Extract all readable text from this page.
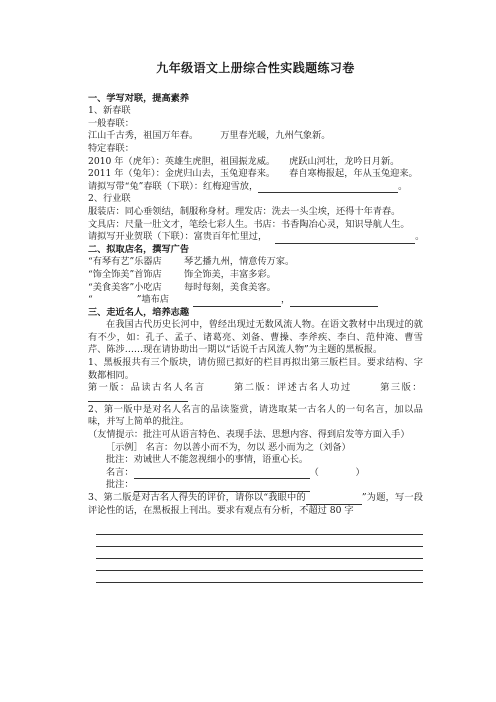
九年级语文上册综合性实践题练习卷
一、学写对联，提高素养
1、新春联
一般春联：
江山千古秀，祖国万年春。 万里春光暖，九州气象新。
特定春联：
2010 年（虎年）：英雄生虎胆，祖国振龙威。 虎跃山河壮，龙吟日月新。
2011 年（兔年）：金虎归山去，玉兔迎春来。 春自寒梅报起，年从玉兔迎来。
请拟写带“兔”春联（下联）：红梅迎雪放，	。
2、行业联
服装店：同心垂领结，制服称身材。理发店：洗去一头尘埃，还得十年青春。
文具店：尺量一肚文才，笔绘七彩人生。书店：书香陶冶心灵，知识导航人生。
请拟写开业贺联（下联）：富贵百年忙里过，	。
二、拟取店名，撰写广告
“有琴有艺”乐器店	琴艺播九州，情意传万家。
“饰全饰美”首饰店	饰全饰美，丰富多彩。
“美食美客”小吃店	每时每刻，美食美客。
“	”墙布店	，
三、走近名人，培养志趣
在我国古代历史长河中，曾经出现过无数风流人物。在语文教材中出现过的就有不少，如：孔子、孟子、诸葛亮、刘备、曹操、李斧疾、李白、范仲淹、曹雪芹、陈涉……现在请协助出一期以“话说千古风流人物”为主题的黑板报。
1、黑板报共有三个版块，请仿照已拟好的栏目再拟出第三版栏目。要求结构、字数都相同。
第一版：品读古名人名言	第二版：评述古名人功过	第三版：
2、第一版中是对名人名言的品读鉴赏，请选取某一古名人的一句名言，加以品味，并写上简单的批注。
（友情提示：批注可从语言特色、表现手法、思想内容、得到启发等方面入手）
［示例］ 名言：勿以善小而不为，勿以 恶小而为之（刘备）
批注：劝诫世人不能忽视细小的事情，语重心长。
名言：	（　　　　）
批注：
3、第二版是对古名人得失的评价，请你以“我眼中的	”为题，写一段评论性的话，在黑板报上刊出。要求有观点有分析，不超过 80 字
